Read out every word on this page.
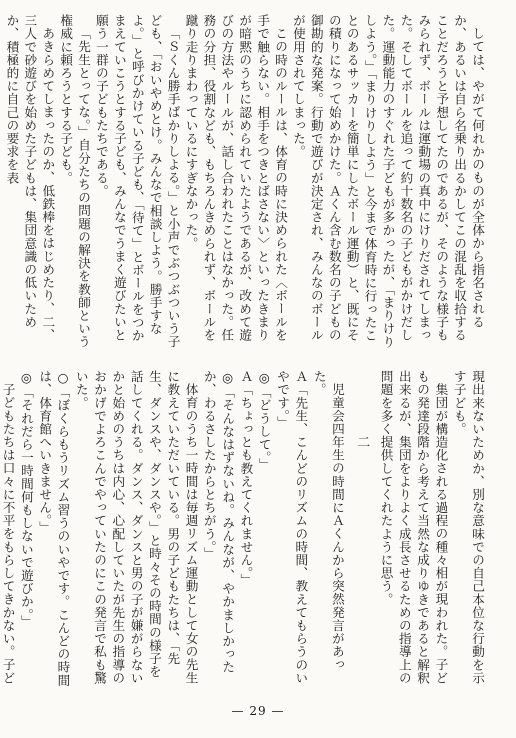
しては、やがて何れかのものが全体から指名されるか、あるいは自ら名乗り出るかしてこの混乱を収拾することだろうと予想してたのであるが、そのような様子もみられず、ボールは運動場の真中にけりだされてしまった。そしてボールを追って約十数名の子どもがかけだした。運動能力のすぐれた子どもが多かったが、「まりけりしよう。」「まりけりしよう」と今まで体育時に行ったことのあるサッカーを簡単にしたボール運動）と、既にその積りになって始めかけた。Ａくん含む数名の子どもの御勘的な発案。行動で遊びが決定され、みんなのボールが使用されてしまった。

この時のルールは、体育の時に決められた〈ボールを手で触らない。相手をつきとばさない〉といったきまりが暗黙のうちに認められていたようであるが、改めて遊びの方法やルールが、話し合われたことはなかった。任務の分担、役割なども、もちろんきめられず、ボールを蹴り走りまわっているにすぎなかった。

「Ｓくん勝手ばかりしよる。」と小声でぶつぶついう子ども、「おいやめとけ。みんなで相談しよう。勝手すなよ。」と呼びかけている子ども、「待て」とボールをつかまえていこうとする子ども、みんなでうまく遊びたいと願う一群の子どもたちである。

「先生とってな。」自分たちの問題の解決を教師という権威に頼ろうとする子ども。

あきらめてしまったのか、低鉄棒をはじめたり、二、三人で砂遊びを始めた子どもは、集団意識の低いためか、積極的に自己の要求を表

現出来ないためか、別な意味での自己本位な行動を示す子ども。

集団が構造化される過程の種々相が現われた。子どもの発達段階から考えて当然な成りゆきであると解釈出来るが、集団をよりよく成長させるための指導上の問題を多く提供してくれたように思う。

二

児童会四年生の時間にＡくんから突然発言があった。

Ａ「先生、こんどのリズムの時間、教えてもらうのいやです。」

◎「どうして。」

Ａ「ちょっとも教えてくれません。」

◎「そんなはずないね。みんなが、やかましかったか、わるさしたからとちがう。」

体育のうち一時間は毎週リズム運動として女の先生に教えていただいている。男の子どもたちは、「先生、ダンスや、ダンスや。」と時々その時間の様子を話してくれる。ダンス、ダンスと男の子が嫌がらないかと始めのうちは内心、心配していたが先生の指導のおかげでよろこんでやっていたのにこの発言で私も驚いた。

○「ぼくらもうリズム習うのいやです。こんどの時間は、体育館へいきません。」

◎「それだら一時間何もしないで遊びか。」

子どもたちは口々に不平をもらしてきかない。子ど

— 29 —
